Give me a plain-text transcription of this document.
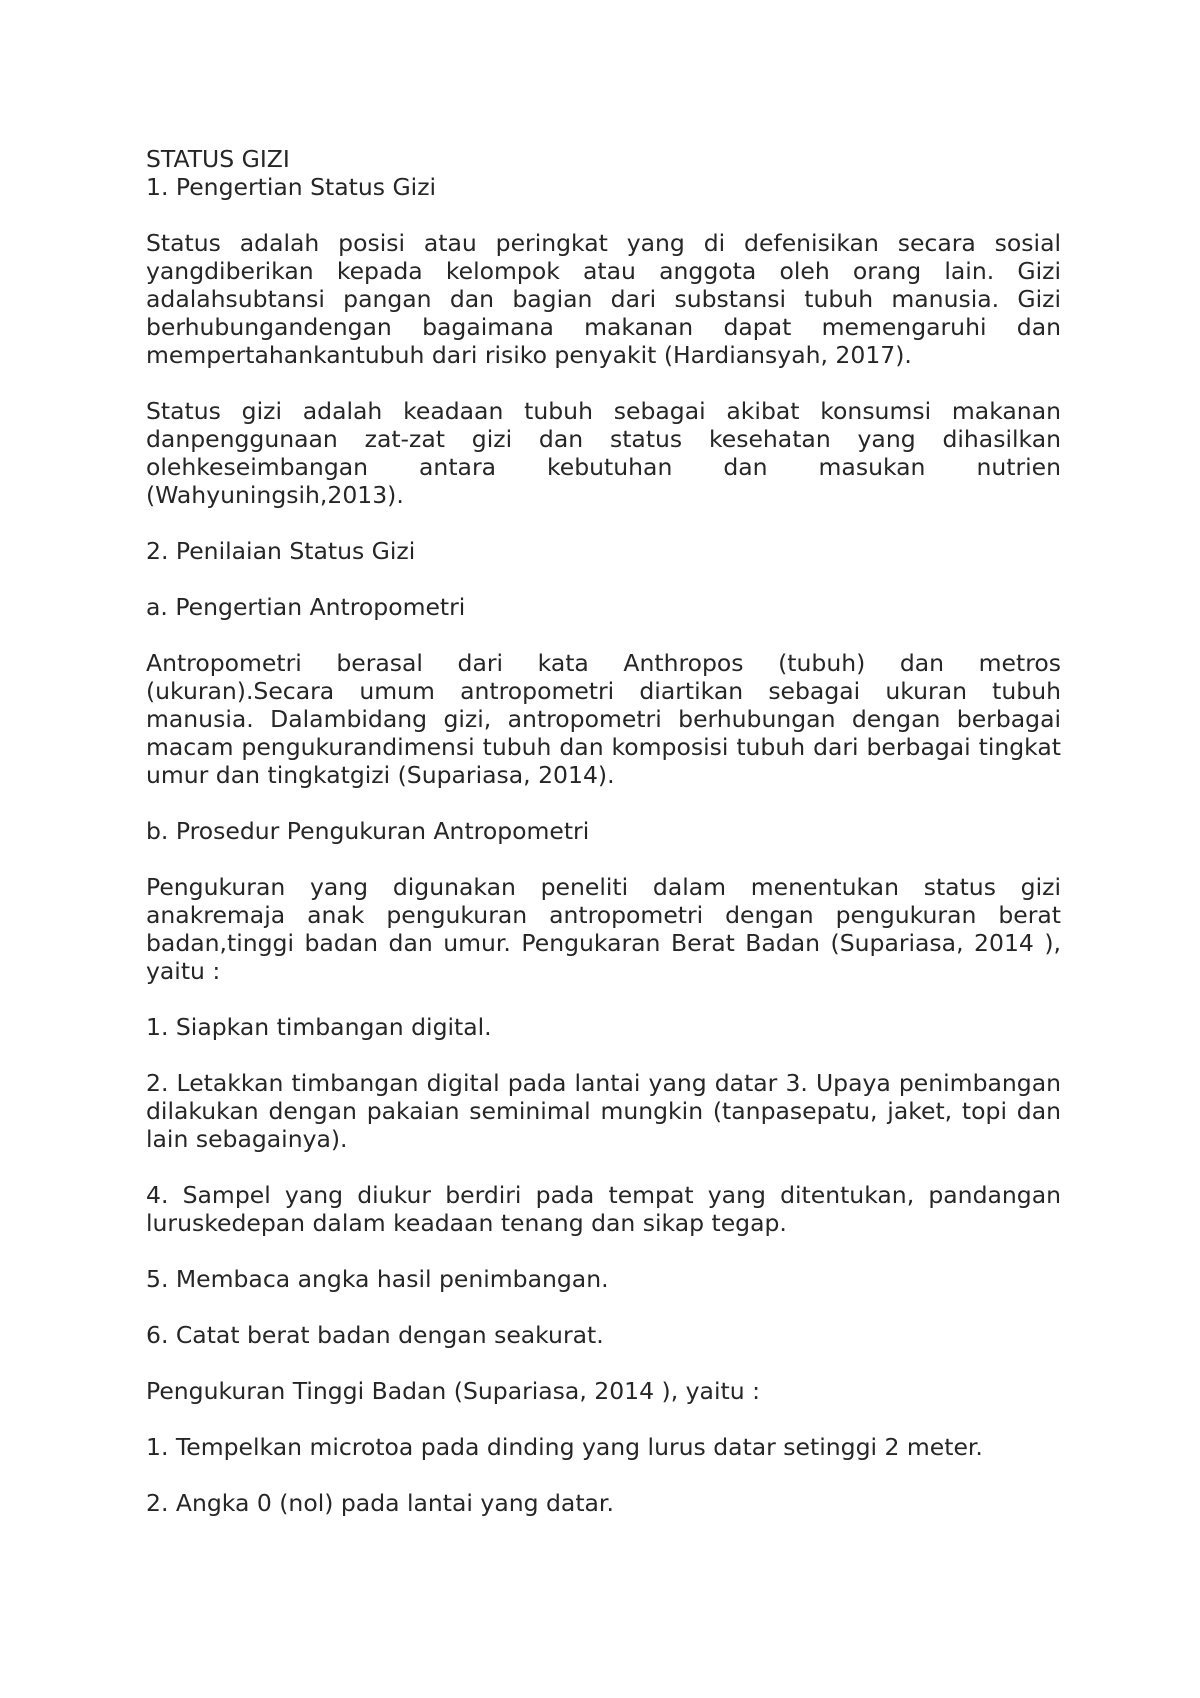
STATUS GIZI

1. Pengertian Status Gizi

Status adalah posisi atau peringkat yang di defenisikan secara sosial yangdiberikan kepada kelompok atau anggota oleh orang lain. Gizi adalahsubtansi pangan dan bagian dari substansi tubuh manusia. Gizi berhubungandengan bagaimana makanan dapat memengaruhi dan mempertahankantubuh dari risiko penyakit (Hardiansyah, 2017).

Status gizi adalah keadaan tubuh sebagai akibat konsumsi makanan danpenggunaan zat-zat gizi dan status kesehatan yang dihasilkan olehkeseimbangan antara kebutuhan dan masukan nutrien (Wahyuningsih,2013).

2. Penilaian Status Gizi

a. Pengertian Antropometri

Antropometri berasal dari kata Anthropos (tubuh) dan metros (ukuran).Secara umum antropometri diartikan sebagai ukuran tubuh manusia. Dalambidang gizi, antropometri berhubungan dengan berbagai macam pengukurandimensi tubuh dan komposisi tubuh dari berbagai tingkat umur dan tingkatgizi (Supariasa, 2014).

b. Prosedur Pengukuran Antropometri

Pengukuran yang digunakan peneliti dalam menentukan status gizi anakremaja anak pengukuran antropometri dengan pengukuran berat badan,tinggi badan dan umur. Pengukaran Berat Badan (Supariasa, 2014 ), yaitu :

1. Siapkan timbangan digital.

2. Letakkan timbangan digital pada lantai yang datar 3. Upaya penimbangan dilakukan dengan pakaian seminimal mungkin (tanpasepatu, jaket, topi dan lain sebagainya).

4. Sampel yang diukur berdiri pada tempat yang ditentukan, pandangan luruskedepan dalam keadaan tenang dan sikap tegap.

5. Membaca angka hasil penimbangan.

6. Catat berat badan dengan seakurat.

Pengukuran Tinggi Badan (Supariasa, 2014 ), yaitu :

1. Tempelkan microtoa pada dinding yang lurus datar setinggi 2 meter.

2. Angka 0 (nol) pada lantai yang datar.
